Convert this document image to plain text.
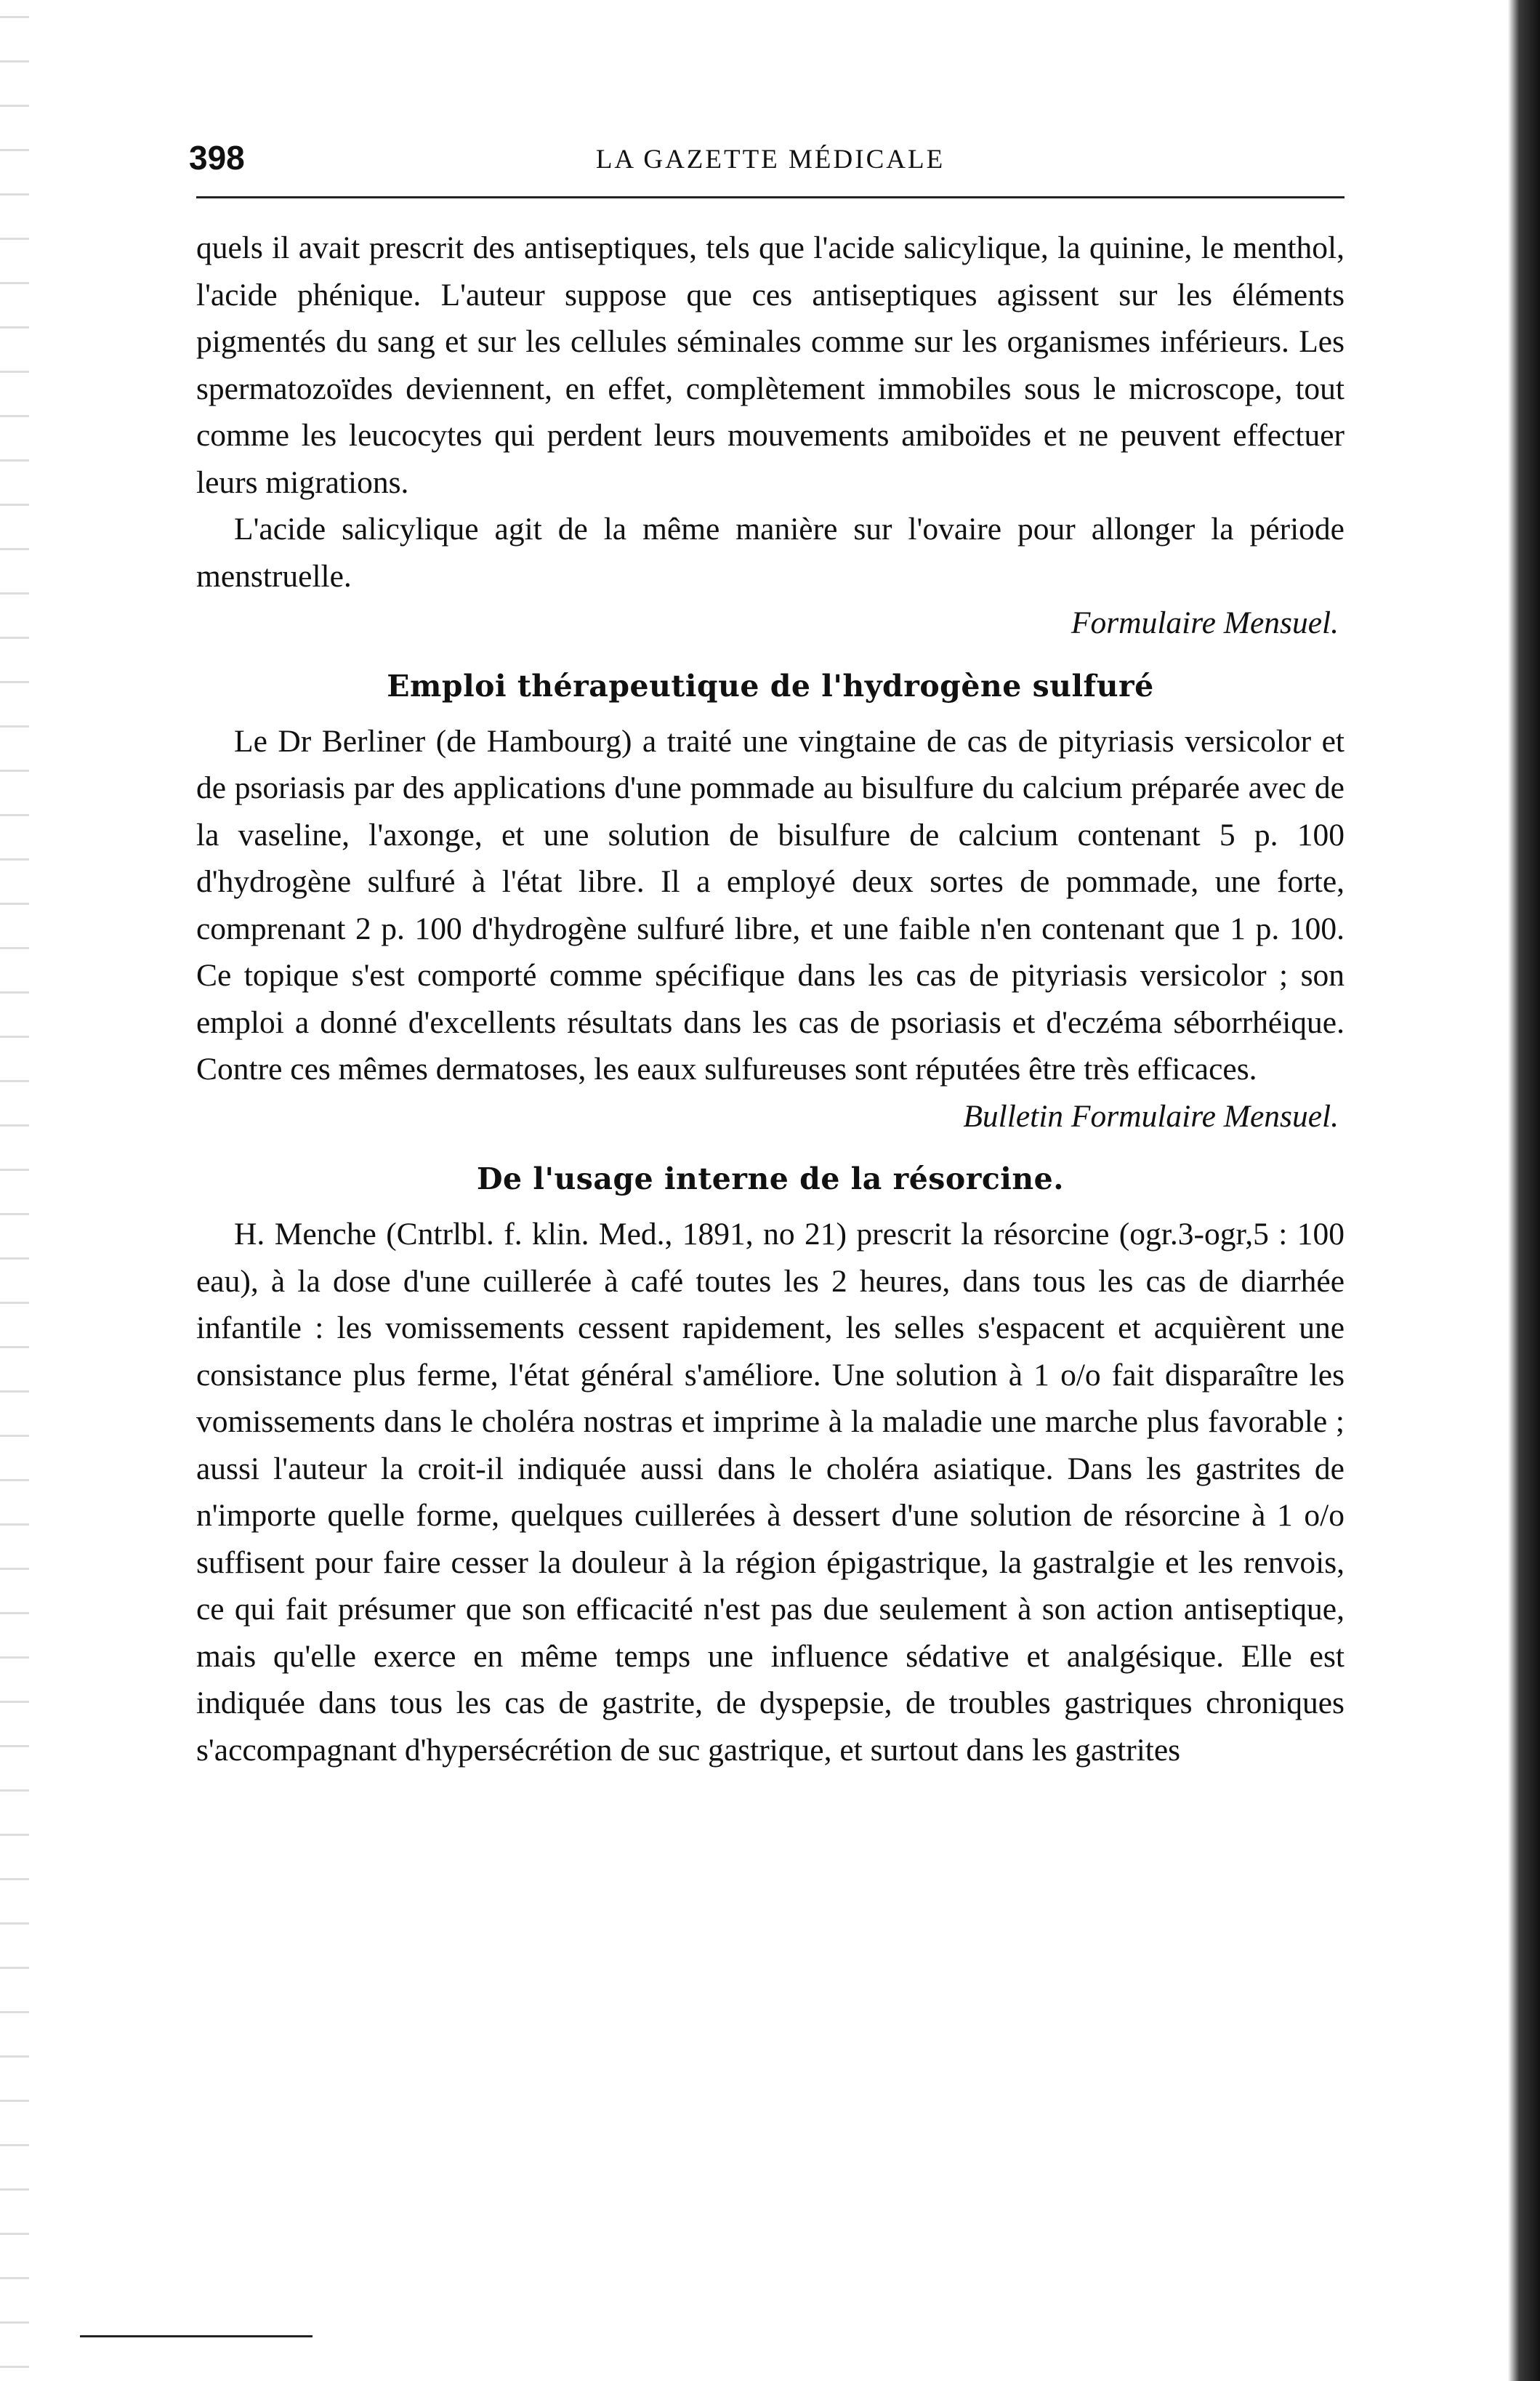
398	LA GAZETTE MÉDICALE

quels il avait prescrit des antiseptiques, tels que l'acide salicylique, la quinine, le menthol, l'acide phénique. L'auteur suppose que ces antiseptiques agissent sur les éléments pigmentés du sang et sur les cellules séminales comme sur les organismes inférieurs. Les spermatozoïdes deviennent, en effet, complètement immobiles sous le microscope, tout comme les leucocytes qui perdent leurs mouvements amiboïdes et ne peuvent effectuer leurs migrations.

L'acide salicylique agit de la même manière sur l'ovaire pour allonger la période menstruelle.

Formulaire Mensuel.
Emploi thérapeutique de l'hydrogène sulfuré

Le Dr Berliner (de Hambourg) a traité une vingtaine de cas de pityriasis versicolor et de psoriasis par des applications d'une pommade au bisulfure du calcium préparée avec de la vaseline, l'axonge, et une solution de bisulfure de calcium contenant 5 p. 100 d'hydrogène sulfuré à l'état libre. Il a employé deux sortes de pommade, une forte, comprenant 2 p. 100 d'hydrogène sulfuré libre, et une faible n'en contenant que 1 p. 100. Ce topique s'est comporté comme spécifique dans les cas de pityriasis versicolor ; son emploi a donné d'excellents résultats dans les cas de psoriasis et d'eczéma séborrhéique. Contre ces mêmes dermatoses, les eaux sulfureuses sont réputées être très efficaces.

Bulletin Formulaire Mensuel.
De l'usage interne de la résorcine.

H. Menche (Cntrlbl. f. klin. Med., 1891, no 21) prescrit la résorcine (ogr.3-ogr,5 : 100 eau), à la dose d'une cuillerée à café toutes les 2 heures, dans tous les cas de diarrhée infantile : les vomissements cessent rapidement, les selles s'espacent et acquièrent une consistance plus ferme, l'état général s'améliore. Une solution à 1 o/o fait disparaître les vomissements dans le choléra nostras et imprime à la maladie une marche plus favorable ; aussi l'auteur la croit-il indiquée aussi dans le choléra asiatique. Dans les gastrites de n'importe quelle forme, quelques cuillerées à dessert d'une solution de résorcine à 1 o/o suffisent pour faire cesser la douleur à la région épigastrique, la gastralgie et les renvois, ce qui fait présumer que son efficacité n'est pas due seulement à son action antiseptique, mais qu'elle exerce en même temps une influence sédative et analgésique. Elle est indiquée dans tous les cas de gastrite, de dyspepsie, de troubles gastriques chroniques s'accompagnant d'hypersécrétion de suc gastrique, et surtout dans les gastrites
